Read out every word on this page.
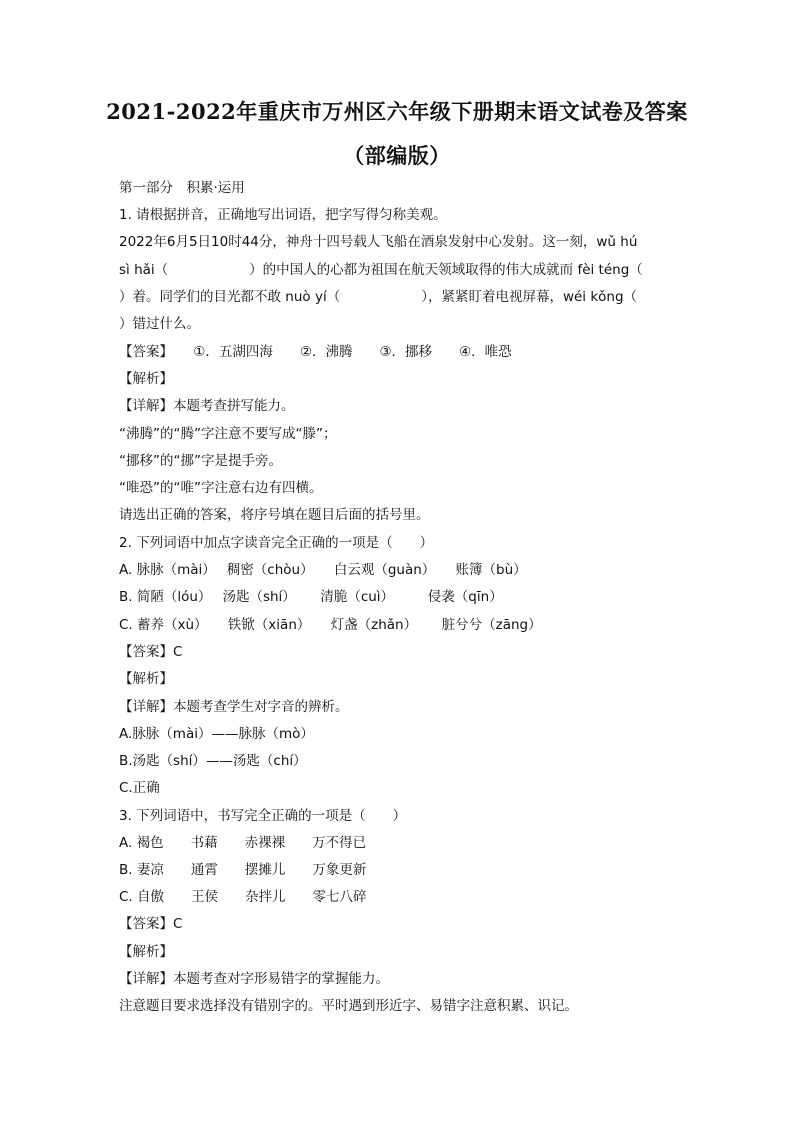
2021-2022年重庆市万州区六年级下册期末语文试卷及答案
（部编版）
第一部分　积累·运用
1. 请根据拼音，正确地写出词语，把字写得匀称美观。
2022年6月5日10时44分，神舟十四号载人飞船在酒泉发射中心发射。这一刻，wǔ hú
sì hǎi（　　　　　　）的中国人的心都为祖国在航天领域取得的伟大成就而 fèi téng（
）着。同学们的目光都不敢 nuò yí（　　　　　　），紧紧盯着电视屏幕，wéi kǒng（
）错过什么。
【答案】　　①．五湖四海　　②．沸腾　　③．挪移　　④．唯恐
【解析】
【详解】本题考查拼写能力。
“沸腾”的“腾”字注意不要写成“滕”；
“挪移”的“挪”字是提手旁。
“唯恐”的“唯”字注意右边有四横。
请选出正确的答案，将序号填在题目后面的括号里。
2. 下列词语中加点字读音完全正确的一项是（　　）
A. 脉脉（mài）　 稠密（chòu）　　白云观（guàn）　　账簿（bù）
B. 简陋（lóu）　 汤匙（shí）　　 清脆（cuì）　　　侵袭（qīn）
C. 蓄养（xù）　　铁锨（xiān）　　灯盏（zhǎn）　　 脏兮兮（zāng）
【答案】C
【解析】
【详解】本题考查学生对字音的辨析。
A.脉脉（mài）——脉脉（mò）
B.汤匙（shí）——汤匙（chí）
C.正确
3. 下列词语中，书写完全正确的一项是（　　）
A. 褐色　　书藉　　赤裸裸　　万不得已
B. 妻凉　　通霄　　摆摊儿　　万象更新
C. 自傲　　王侯　　杂拌儿　　零七八碎
【答案】C
【解析】
【详解】本题考查对字形易错字的掌握能力。
注意题目要求选择没有错别字的。平时遇到形近字、易错字注意积累、识记。
